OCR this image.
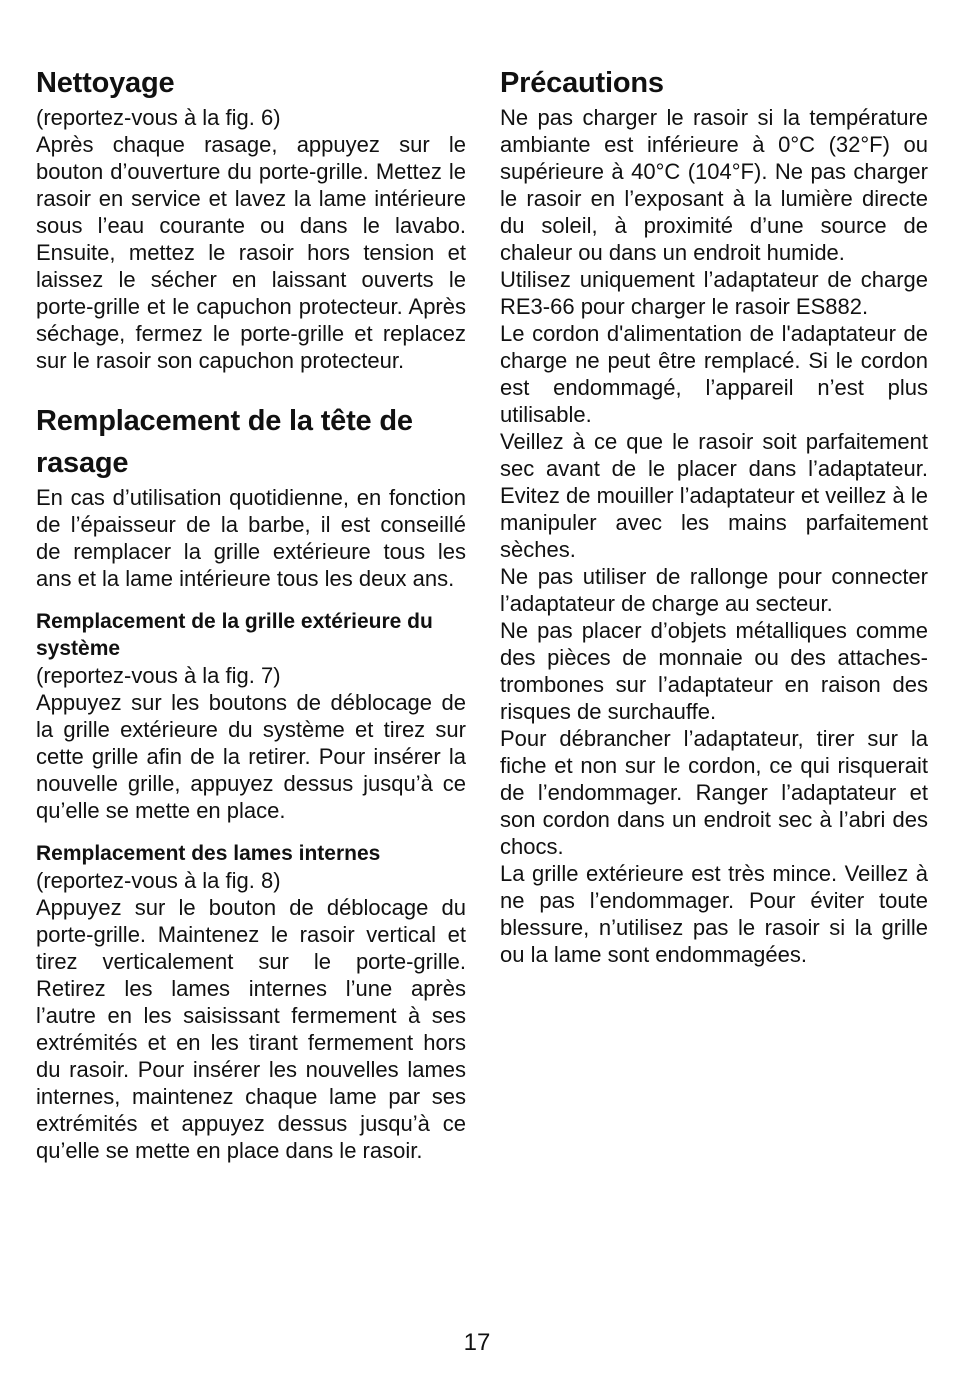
Nettoyage

(reportez-vous à la fig. 6)

Après chaque rasage, appuyez sur le bouton d’ouverture du porte-grille. Mettez le rasoir en service et lavez la lame intérieure sous l’eau courante ou dans le lavabo. Ensuite, mettez le rasoir hors tension et laissez le sécher en laissant ouverts le porte-grille et le capuchon protecteur. Après séchage, fermez le porte-grille et replacez sur le rasoir son capuchon protecteur.

Remplacement de la tête de rasage

En cas d’utilisation quotidienne, en fonction de l’épaisseur de la barbe, il est conseillé de remplacer la grille extérieure tous les ans et la lame intérieure tous les deux ans.

Remplacement de la grille extérieure du système

(reportez-vous à la fig. 7)

Appuyez sur les boutons de déblocage de la grille extérieure du système et tirez sur cette grille afin de la retirer. Pour insérer la nouvelle grille, appuyez dessus jusqu’à ce qu’elle se mette en place.

Remplacement des lames internes

(reportez-vous à la fig. 8)

Appuyez sur le bouton de déblocage du porte-grille. Maintenez le rasoir vertical et tirez verticalement sur le porte-grille. Retirez les lames internes l’une après l’autre en les saisissant fermement à ses extrémités et en les tirant fermement hors du rasoir. Pour insérer les nouvelles lames internes, maintenez chaque lame par ses extrémités et appuyez dessus jusqu’à ce qu’elle se mette en place dans le rasoir.

Précautions

Ne pas charger le rasoir si la température ambiante est inférieure à 0°C (32°F) ou supérieure à 40°C (104°F). Ne pas charger le rasoir en l’exposant à la lumière directe du soleil, à proximité d’une source de chaleur ou dans un endroit humide.

Utilisez uniquement l’adaptateur de charge RE3-66 pour charger le rasoir ES882.

Le cordon d'alimentation de l'adaptateur de charge ne peut être remplacé. Si le cordon est endommagé, l’appareil n’est plus utilisable.

Veillez à ce que le rasoir soit parfaitement sec avant de le placer dans l’adaptateur. Evitez de mouiller l’adaptateur et veillez à le manipuler avec les mains parfaitement sèches.

Ne pas utiliser de rallonge pour connecter l’adaptateur de charge au secteur.

Ne pas placer d’objets métalliques comme des pièces de monnaie ou des attaches-trombones sur l’adaptateur en raison des risques de surchauffe.

Pour débrancher l’adaptateur, tirer sur la fiche et non sur le cordon, ce qui risquerait de l’endommager. Ranger l’adaptateur et son cordon dans un endroit sec à l’abri des chocs.

La grille extérieure est très mince. Veillez à ne pas l’endommager. Pour éviter toute blessure, n’utilisez pas le rasoir si la grille ou la lame sont endommagées.

17
